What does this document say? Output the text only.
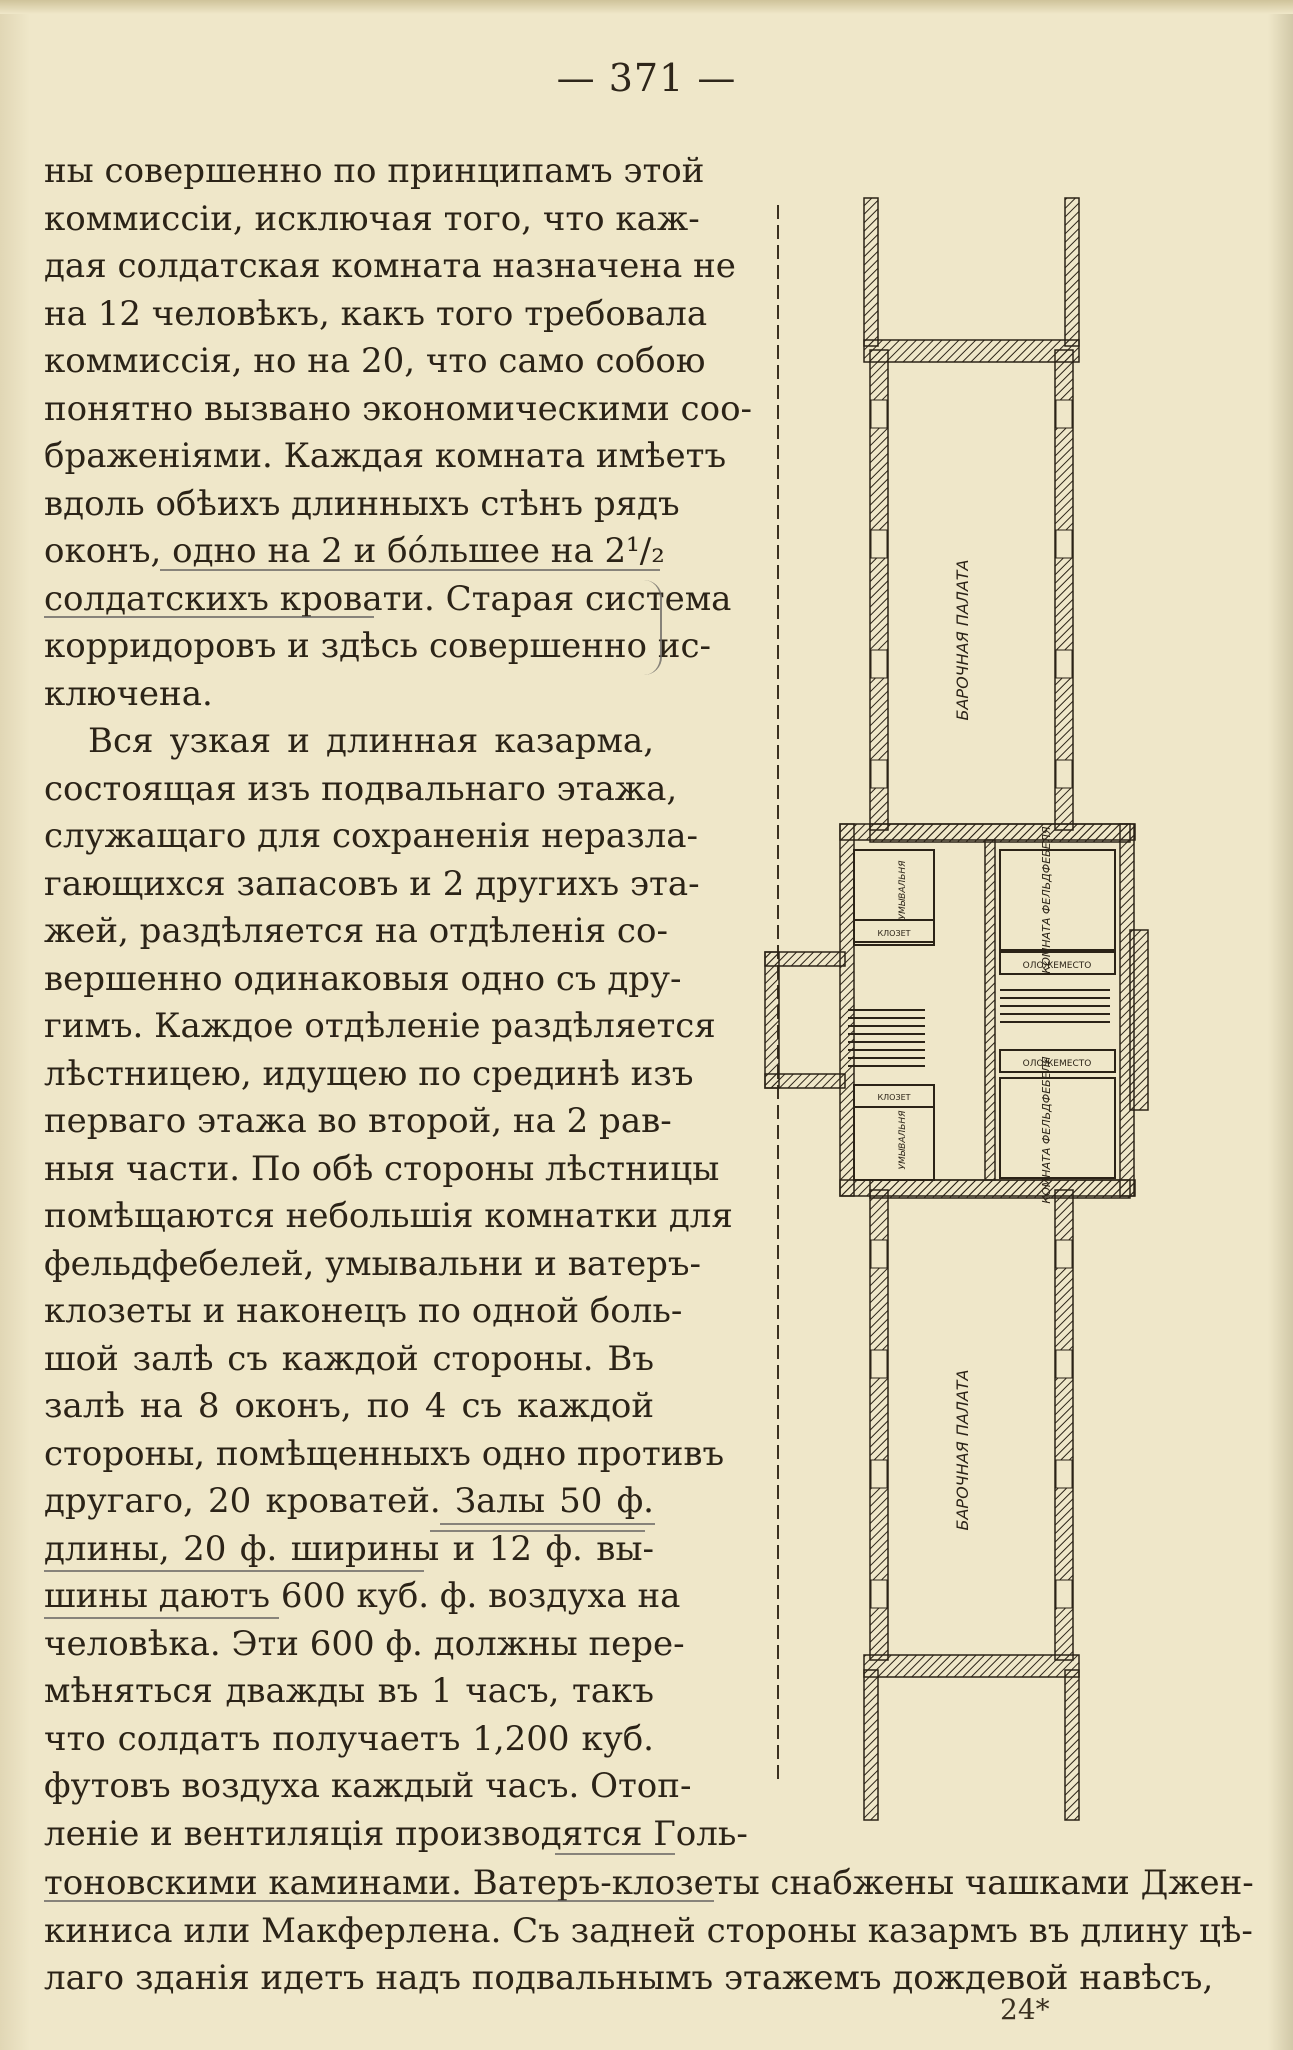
— 371 —

ны совершенно по принципамъ этой
коммиссіи, исключая того, что каж-
дая солдатская комната назначена не
на 12 человѣкъ, какъ того требовала
коммиссія, но на 20, что само собою
понятно вызвано экономическими соо-
браженіями. Каждая комната имѣетъ
вдоль обѣихъ длинныхъ стѣнъ рядъ
оконъ, одно на 2 и бóльшее на 2¹/₂
солдатскихъ кровати. Старая система
корридоровъ и здѣсь совершенно ис-
ключена.

Вся узкая и длинная казарма,
состоящая изъ подвальнаго этажа,
служащаго для сохраненія неразла-
гающихся запасовъ и 2 другихъ эта-
жей, раздѣляется на отдѣленія со-
вершенно одинаковыя одно съ дру-
гимъ. Каждое отдѣленіе раздѣляется
лѣстницею, идущею по срединѣ изъ
перваго этажа во второй, на 2 рав-
ныя части. По обѣ стороны лѣстницы
помѣщаются небольшія комнатки для
фельдфебелей, умывальни и ватеръ-
клозеты и наконецъ по одной боль-
шой залѣ съ каждой стороны. Въ
залѣ на 8 оконъ, по 4 съ каждой
стороны, помѣщенныхъ одно противъ
другаго, 20 кроватей. Залы 50 ф.
длины, 20 ф. ширины и 12 ф. вы-
шины даютъ 600 куб. ф. воздуха на
человѣка. Эти 600 ф. должны пере-
мѣняться дважды въ 1 часъ, такъ
что солдатъ получаетъ 1,200 куб.
футовъ воздуха каждый часъ. Отоп-
леніе и вентиляція производятся Голь-

тоновскими каминами. Ватеръ-клозеты снабжены чашками Джен-
киниса или Макферлена. Съ задней стороны казармъ въ длину цѣ-
лаго зданія идетъ надъ подвальнымъ этажемъ дождевой навѣсъ,
24*
БАРОЧНАЯ ПАЛАТА
БАРОЧНАЯ ПАЛАТА
КОМНАТА ФЕЛЬДФЕБЕЛЯ
КОМНАТА ФЕЛЬДФЕБЕЛЯ
УМЫВАЛЬНЯ
УМЫВАЛЬНЯ
КЛОЗЕТ
КЛОЗЕТ
ОЛОЖЕМЕСТО
ОЛОЖЕМЕСТО
